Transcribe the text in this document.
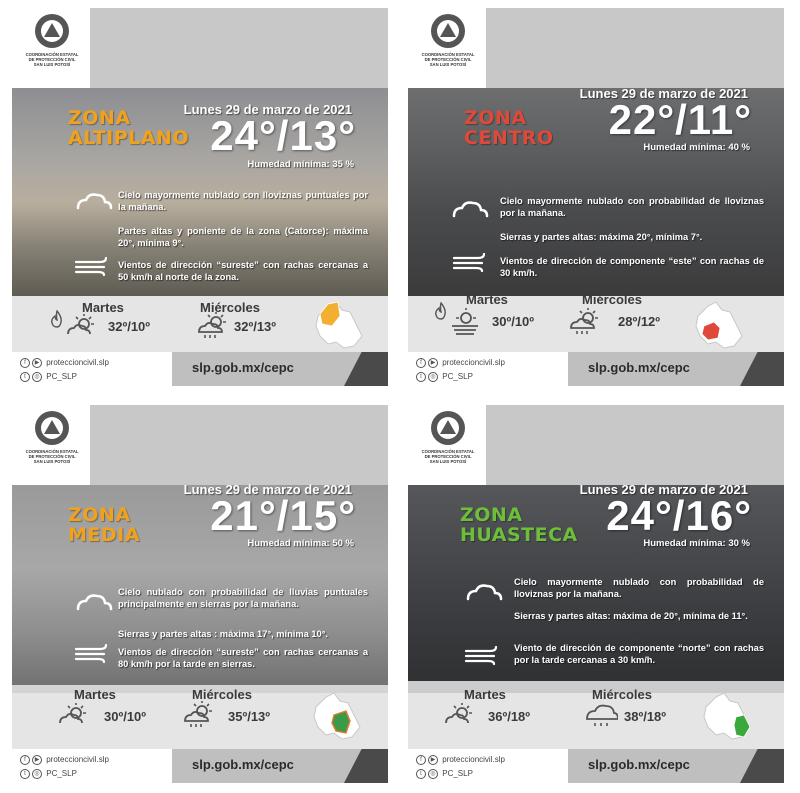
COORDINACIÓN ESTATAL
DE PROTECCIÓN CIVIL
SAN LUIS POTOSÍ
ZONA
ALTIPLANO
Lunes 29 de marzo de 2021
24°/13°
Humedad mínima: 35 %
Cielo mayormente nublado con lloviznas puntuales por la mañana.
Partes altas y poniente de la zona (Catorce): máxima 20°, mínima 9°.
Vientos de dirección “sureste” con rachas cercanas a 50 km/h al norte de la zona.
Martes
32º/10º
Miércoles
32º/13º
f ▶ proteccioncivil.slp
t ◎ PC_SLP
slp.gob.mx/cepc
COORDINACIÓN ESTATAL
DE PROTECCIÓN CIVIL
SAN LUIS POTOSÍ
ZONA
CENTRO
Lunes 29 de marzo de 2021
22°/11°
Humedad mínima: 40 %
Cielo mayormente nublado con probabilidad de lloviznas por la mañana.
Sierras y partes altas: máxima 20°, mínima 7°.
Vientos de dirección de componente “este” con rachas de 30 km/h.
Martes
30º/10º
Miércoles
28º/12º
f ▶ proteccioncivil.slp
t ◎ PC_SLP
slp.gob.mx/cepc
COORDINACIÓN ESTATAL
DE PROTECCIÓN CIVIL
SAN LUIS POTOSÍ
ZONA
MEDIA
Lunes 29 de marzo de 2021
21°/15°
Humedad mínima: 50 %
Cielo nublado con probabilidad de lluvias puntuales principalmente en sierras por la mañana.
Sierras y partes altas : máxima 17°, mínima 10°.
Vientos de dirección “sureste” con rachas cercanas a 80 km/h por la tarde en sierras.
Martes
30º/10º
Miércoles
35º/13º
f ▶ proteccioncivil.slp
t ◎ PC_SLP
slp.gob.mx/cepc
COORDINACIÓN ESTATAL
DE PROTECCIÓN CIVIL
SAN LUIS POTOSÍ
ZONA
HUASTECA
Lunes 29 de marzo de 2021
24°/16°
Humedad mínima: 30 %
Cielo mayormente nublado con probabilidad de lloviznas por la mañana.
Sierras y partes altas: máxima de 20°, mínima de 11°.
Viento de dirección de componente “norte” con rachas por la tarde cercanas a 30 km/h.
Martes
36º/18º
Miércoles
38º/18º
f ▶ proteccioncivil.slp
t ◎ PC_SLP
slp.gob.mx/cepc
